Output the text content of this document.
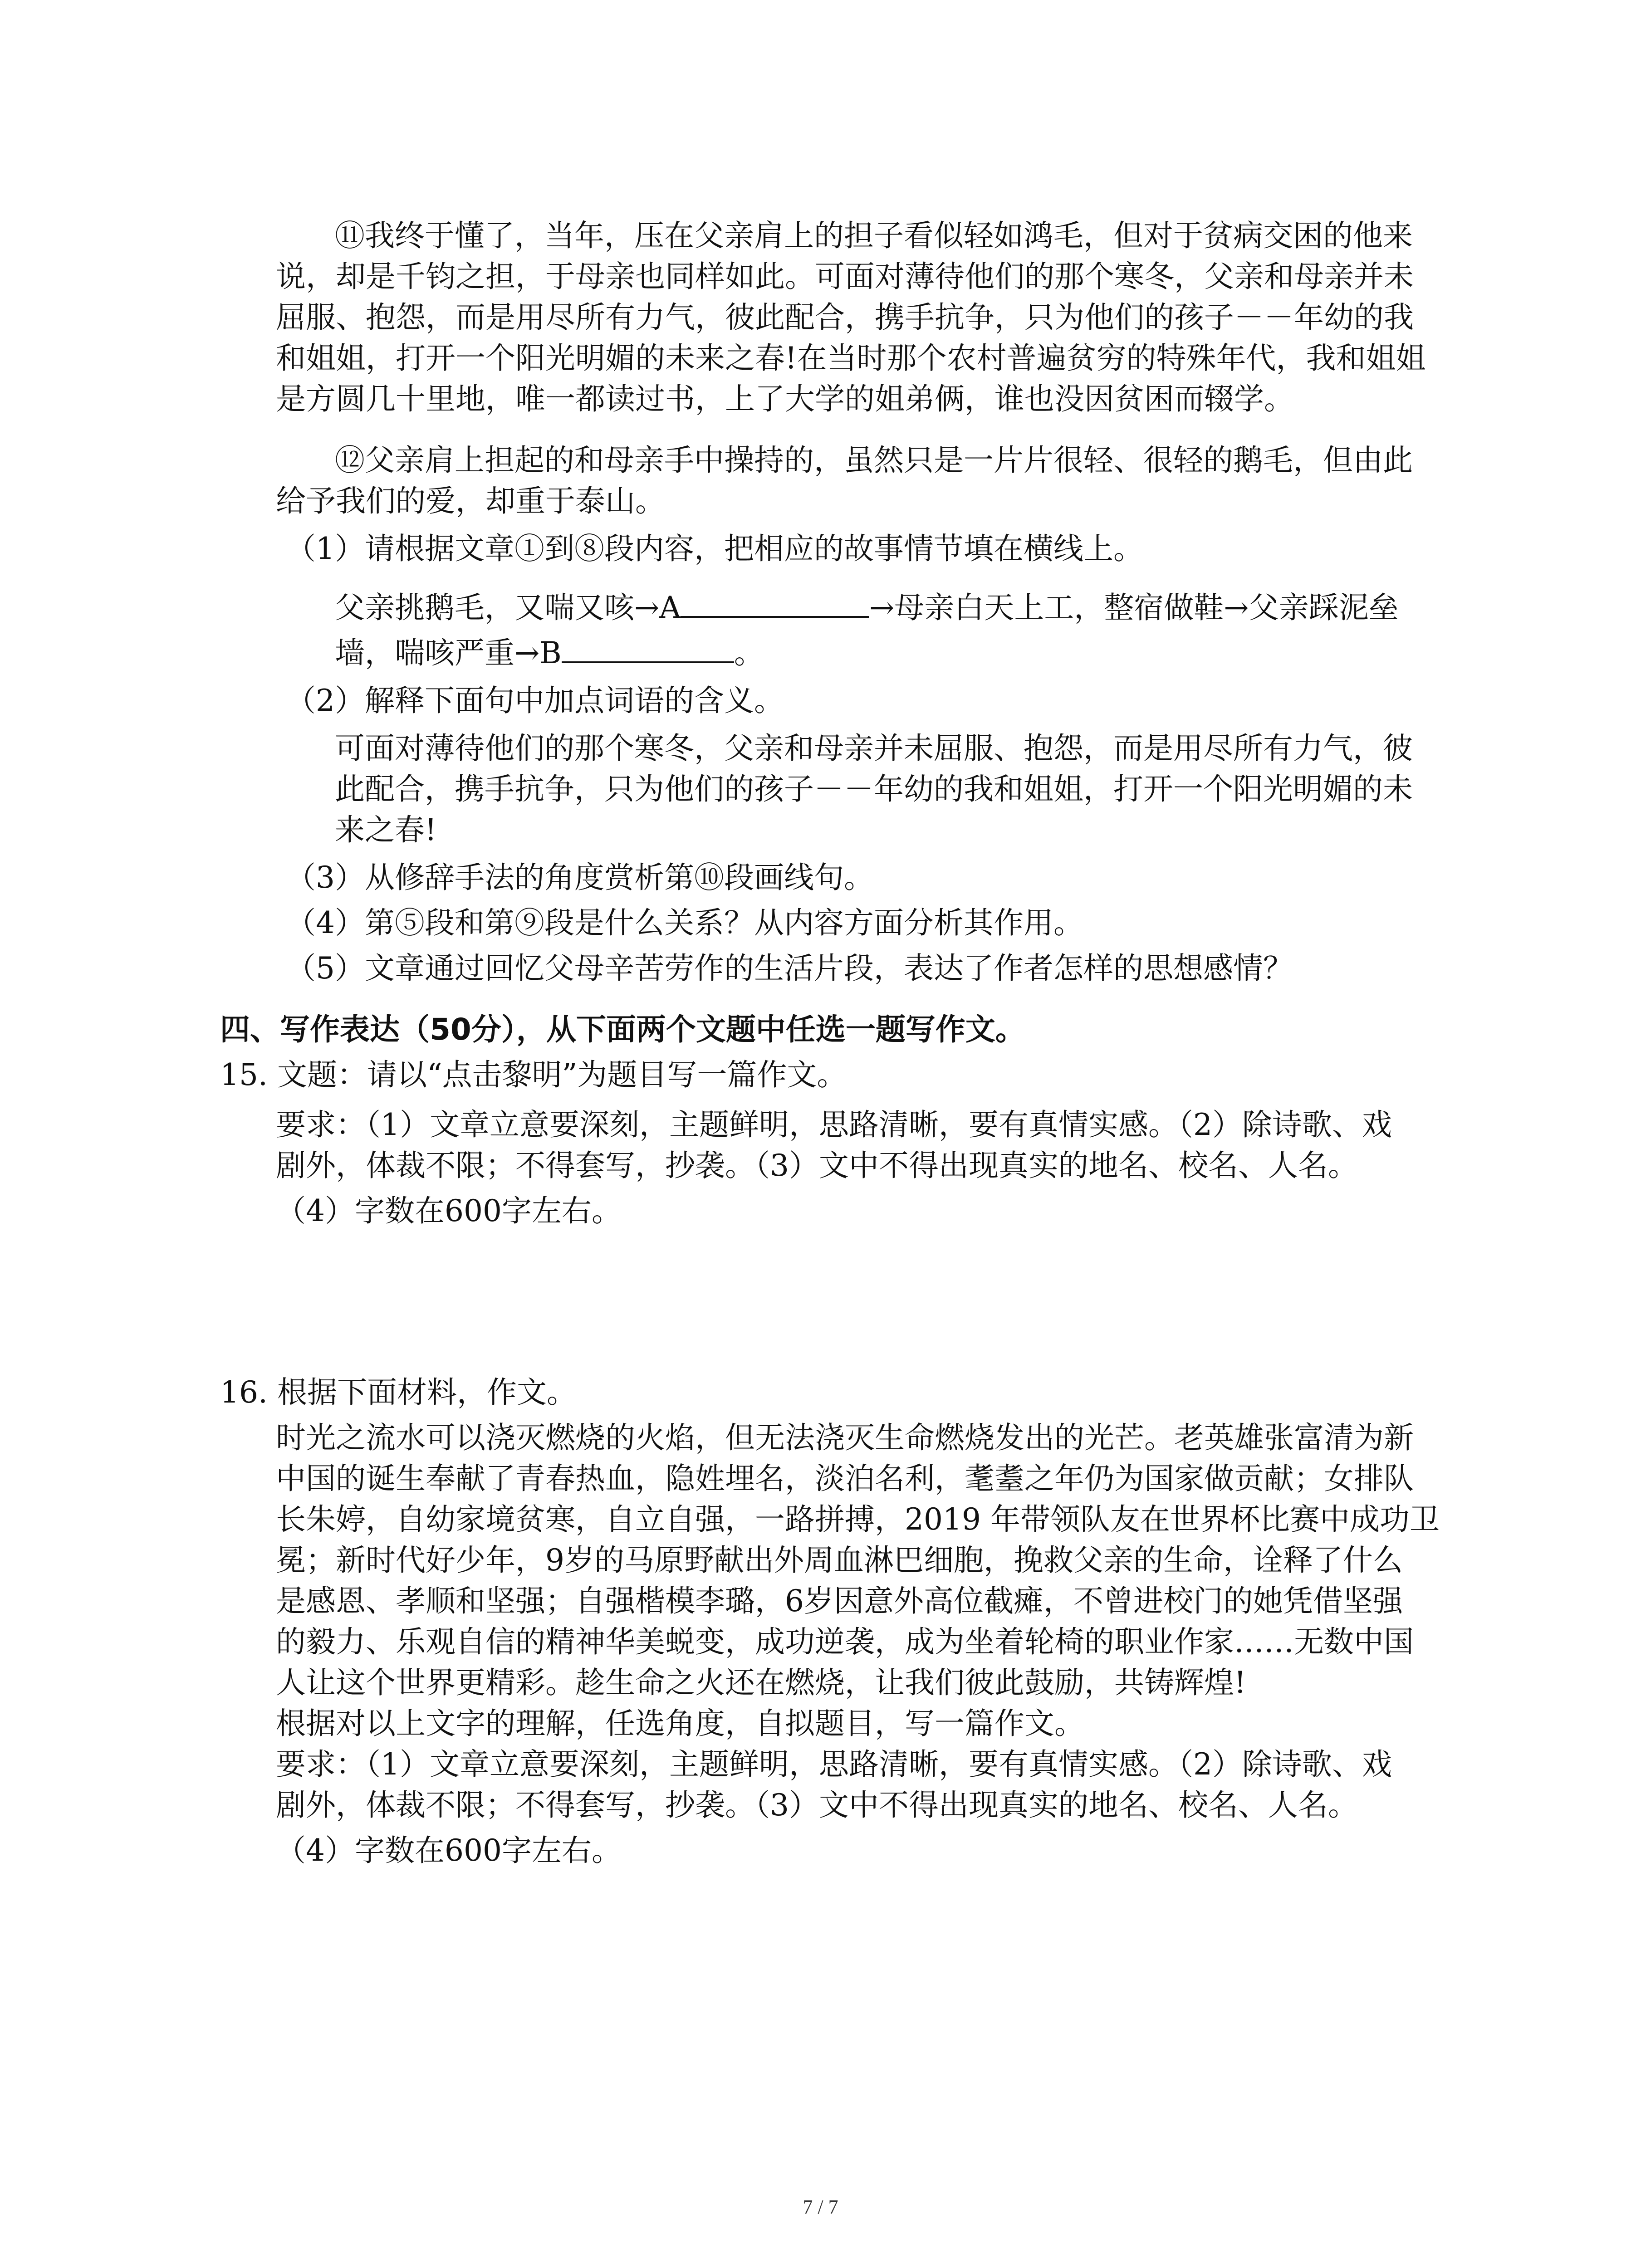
⑪我终于懂了，当年，压在父亲肩上的担子看似轻如鸿毛，但对于贫病交困的他来

说，却是千钧之担，于母亲也同样如此。可面对薄待他们的那个寒冬，父亲和母亲并未

屈服、抱怨，而是用尽所有力气，彼此配合，携手抗争，只为他们的孩子－－年幼的我

和姐姐，打开一个阳光明媚的未来之春!在当时那个农村普遍贫穷的特殊年代，我和姐姐

是方圆几十里地，唯一都读过书，上了大学的姐弟俩，谁也没因贫困而辍学。

⑫父亲肩上担起的和母亲手中操持的，虽然只是一片片很轻、很轻的鹅毛，但由此

给予我们的爱，却重于泰山。

（1）请根据文章①到⑧段内容，把相应的故事情节填在横线上。

父亲挑鹅毛，又喘又咳→A	→母亲白天上工，整宿做鞋→父亲踩泥垒

墙，喘咳严重→B	。

（2）解释下面句中加点词语的含义。

可面对薄待他们的那个寒冬，父亲和母亲并未屈服、抱怨，而是用尽所有力气，彼

此配合，携手抗争，只为他们的孩子－－年幼的我和姐姐，打开一个阳光明媚的未

来之春!

（3）从修辞手法的角度赏析第⑩段画线句。

（4）第⑤段和第⑨段是什么关系？从内容方面分析其作用。

（5）文章通过回忆父母辛苦劳作的生活片段，表达了作者怎样的思想感情？

四、写作表达（50分），从下面两个文题中任选一题写作文。

15. 文题：请以“点击黎明”为题目写一篇作文。

要求：（1）文章立意要深刻，主题鲜明，思路清晰，要有真情实感。（2）除诗歌、戏

剧外，体裁不限；不得套写，抄袭。（3）文中不得出现真实的地名、校名、人名。

（4）字数在600字左右。

16. 根据下面材料，作文。

时光之流水可以浇灭燃烧的火焰，但无法浇灭生命燃烧发出的光芒。老英雄张富清为新

中国的诞生奉献了青春热血，隐姓埋名，淡泊名利，耄耋之年仍为国家做贡献；女排队

长朱婷，自幼家境贫寒，自立自强，一路拼搏，2019 年带领队友在世界杯比赛中成功卫

冕；新时代好少年，9岁的马原野献出外周血淋巴细胞，挽救父亲的生命，诠释了什么

是感恩、孝顺和坚强；自强楷模李璐，6岁因意外高位截瘫，不曾进校门的她凭借坚强

的毅力、乐观自信的精神华美蜕变，成功逆袭，成为坐着轮椅的职业作家……无数中国

人让这个世界更精彩。趁生命之火还在燃烧，让我们彼此鼓励，共铸辉煌!

根据对以上文字的理解，任选角度，自拟题目，写一篇作文。

要求：（1）文章立意要深刻，主题鲜明，思路清晰，要有真情实感。（2）除诗歌、戏

剧外，体裁不限；不得套写，抄袭。（3）文中不得出现真实的地名、校名、人名。

（4）字数在600字左右。

7 / 7
